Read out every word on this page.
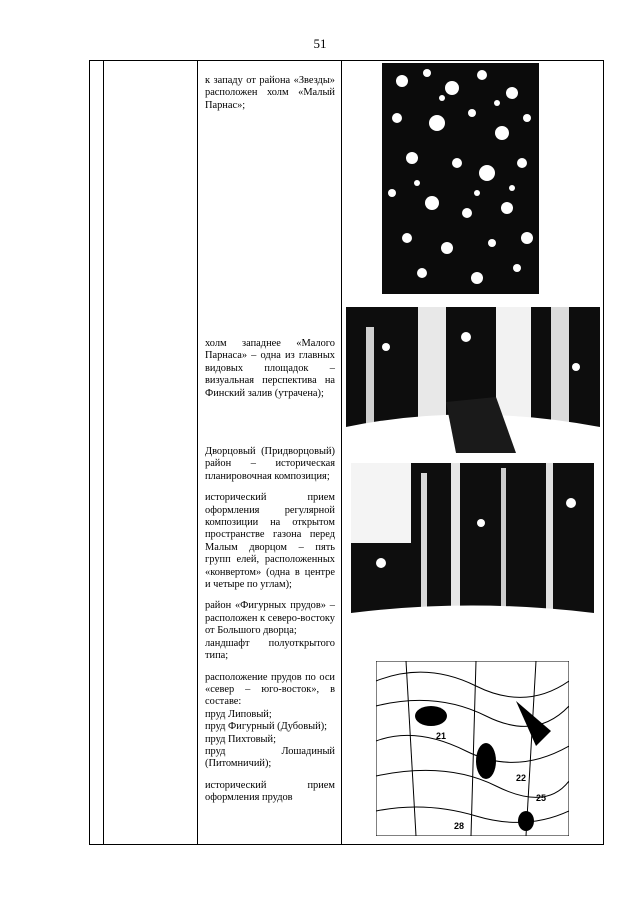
51

к западу от района «Звезды» расположен холм «Малый Парнас»;

холм западнее «Малого Парнаса» – одна из главных видовых площадок – визуальная перспектива на Финский залив (утрачена);

Дворцовый (Придворцовый) район – историческая планировочная композиция;

исторический прием оформления регулярной композиции на открытом пространстве газона перед Малым дворцом – пять групп елей, расположенных «конвертом» (одна в центре и четыре по углам);

район «Фигурных прудов» – расположен к северо-востоку от Большого дворца;

ландшафт полуоткрытого типа;

расположение прудов по оси «север – юго-восток», в составе:

пруд Липовый;

пруд Фигурный (Дубовый);

пруд Пихтовый;

пруд Лошадиный (Питомничий);

исторический прием оформления прудов

21
22
25
28
